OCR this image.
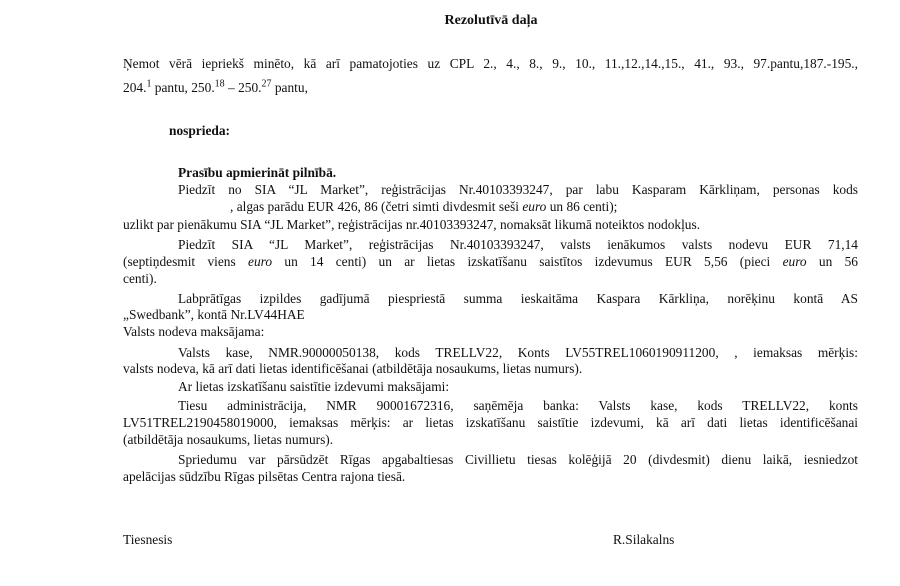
Rezolutīvā daļa
Ņemot vērā iepriekš minēto, kā arī pamatojoties uz CPL 2., 4., 8., 9., 10., 11.,12.,14.,15., 41., 93., 97.pantu,187.-195.,
204.$^1$ pantu, 250.18 – 250.27 pantu,
nosprieda:
Prasību apmierināt pilnībā.
Piedzīt no SIA “JL Market”, reģistrācijas Nr.40103393247, par labu Kasparam Kārkliņam, personas kods
, algas parādu EUR 426, 86 (četri simti divdesmit seši euro un 86 centi);
uzlikt par pienākumu SIA “JL Market”, reģistrācijas nr.40103393247, nomaksāt likumā noteiktos nodokļus.
Piedzīt SIA “JL Market”, reģistrācijas Nr.40103393247, valsts ienākumos valsts nodevu EUR 71,14
(septiņdesmit viens euro un 14 centi) un ar lietas izskatīšanu saistītos izdevumus EUR 5,56 (pieci euro un 56
centi).
Labprātīgas izpildes gadījumā piespriestā summa ieskaitāma Kaspara Kārkliņa, norēķinu kontā AS
„Swedbank”, kontā Nr.LV44HAE
Valsts nodeva maksājama:
Valsts kase, NMR.90000050138, kods TRELLV22, Konts LV55TREL1060190911200, , iemaksas mērķis:
valsts nodeva, kā arī dati lietas identificēšanai (atbildētāja nosaukums, lietas numurs).
Ar lietas izskatīšanu saistītie izdevumi maksājami:
Tiesu administrācija, NMR 90001672316, saņēmēja banka: Valsts kase, kods TRELLV22, konts
LV51TREL2190458019000, iemaksas mērķis: ar lietas izskatīšanu saistītie izdevumi, kā arī dati lietas identificēšanai
(atbildētāja nosaukums, lietas numurs).
Spriedumu var pārsūdzēt Rīgas apgabaltiesas Civillietu tiesas kolēģijā 20 (divdesmit) dienu laikā, iesniedzot
apelācijas sūdzību Rīgas pilsētas Centra rajona tiesā.
Tiesnesis	R.Silakalns
